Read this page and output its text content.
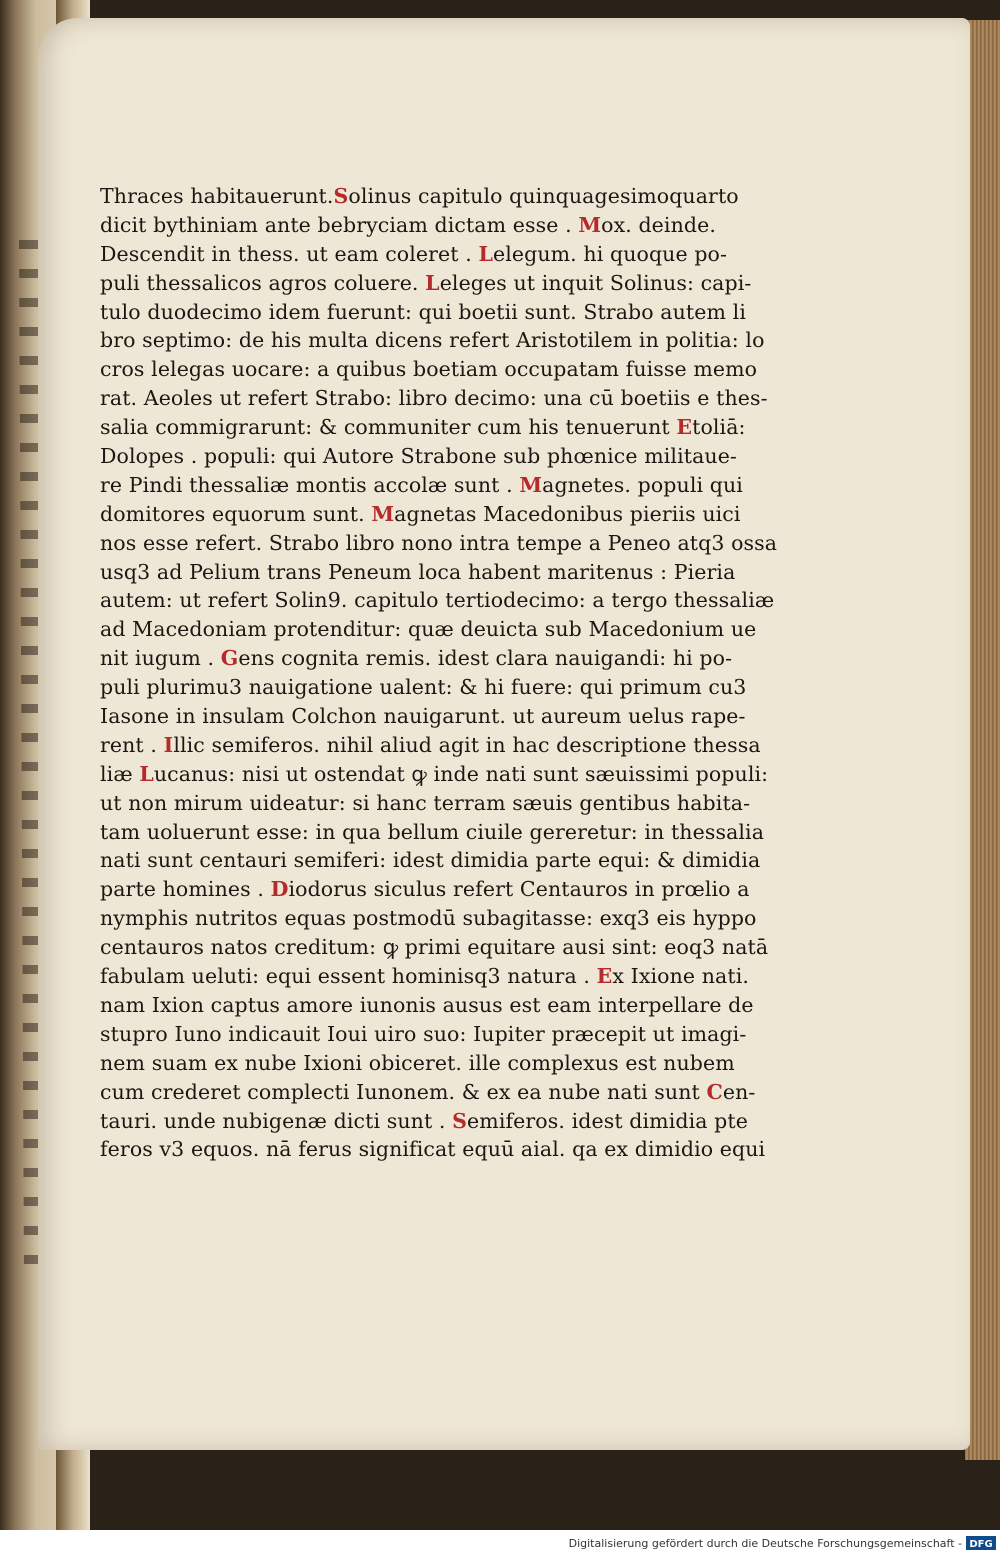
Thraces habitauerunt.Solinus capitulo quinquagesimoquarto
dicit bythiniam ante bebryciam dictam esse . Mox. deinde.
Descendit in thess. ut eam coleret . Lelegum. hi quoque po-
puli thessalicos agros coluere. Leleges ut inquit Solinus: capi-
tulo duodecimo idem fuerunt: qui boetii sunt. Strabo autem li
bro septimo: de his multa dicens refert Aristotilem in politia: lo
cros lelegas uocare: a quibus boetiam occupatam fuisse memo
rat. Aeoles ut refert Strabo: libro decimo: una cū boetiis e thes-
salia commigrarunt: & communiter cum his tenuerunt Etoliā:
Dolopes . populi: qui Autore Strabone sub phœnice militaue-
re Pindi thessaliæ montis accolæ sunt . Magnetes. populi qui
domitores equorum sunt. Magnetas Macedonibus pieriis uici
nos esse refert. Strabo libro nono intra tempe a Peneo atq3 ossa
usq3 ad Pelium trans Peneum loca habent maritenus : Pieria
autem: ut refert Solin9. capitulo tertiodecimo: a tergo thessaliæ
ad Macedoniam protenditur: quæ deuicta sub Macedonium ue
nit iugum . Gens cognita remis. idest clara nauigandi: hi po-
puli plurimu3 nauigatione ualent: & hi fuere: qui primum cu3
Iasone in insulam Colchon nauigarunt. ut aureum uelus rape-
rent . Illic semiferos. nihil aliud agit in hac descriptione thessa
liæ Lucanus: nisi ut ostendat ꝙ inde nati sunt sæuissimi populi:
ut non mirum uideatur: si hanc terram sæuis gentibus habita-
tam uoluerunt esse: in qua bellum ciuile gereretur: in thessalia
nati sunt centauri semiferi: idest dimidia parte equi: & dimidia
parte homines . Diodorus siculus refert Centauros in prœlio a
nymphis nutritos equas postmodū subagitasse: exq3 eis hyppo
centauros natos creditum: ꝙ primi equitare ausi sint: eoq3 natā
fabulam ueluti: equi essent hominisq3 natura . Ex Ixione nati.
nam Ixion captus amore iunonis ausus est eam interpellare de
stupro Iuno indicauit Ioui uiro suo: Iupiter præcepit ut imagi-
nem suam ex nube Ixioni obiceret. ille complexus est nubem
cum crederet complecti Iunonem. & ex ea nube nati sunt Cen-
tauri. unde nubigenæ dicti sunt . Semiferos. idest dimidia pte
feros v3 equos. nā ferus significat equū aial. qa ex dimidio equi
Digitalisierung gefördert durch die Deutsche Forschungsgemeinschaft - DFG
